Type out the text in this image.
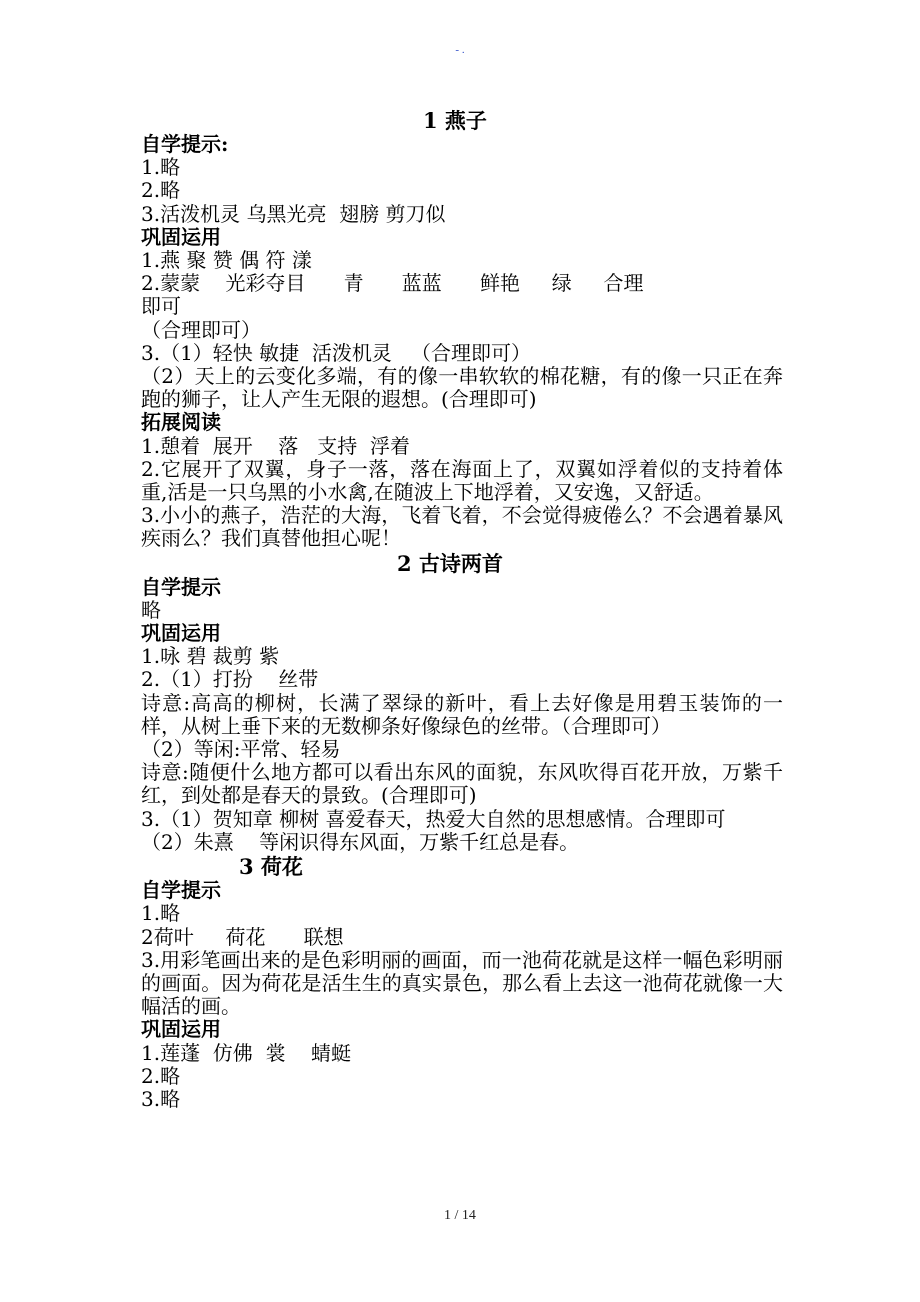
- .
1 燕子
自学提示:
1.略
2.略
3.活泼机灵 乌黑光亮  翅膀 剪刀似
巩固运用
1.燕 聚 赞 偶 符 漾
2.蒙蒙    光彩夺目      青      蓝蓝      鲜艳     绿     合理
即可
（合理即可）
3.（1）轻快 敏捷  活泼机灵   （合理即可）
（2）天上的云变化多端，有的像一串软软的棉花糖，有的像一只正在奔跑的狮子，让人产生无限的遐想。(合理即可)
拓展阅读
1.憩着  展开    落   支持  浮着
2.它展开了双翼，身子一落，落在海面上了，双翼如浮着似的支持着体重,活是一只乌黑的小水禽,在随波上下地浮着，又安逸，又舒适。
3.小小的燕子，浩茫的大海，飞着飞着，不会觉得疲倦么？不会遇着暴风疾雨么？我们真替他担心呢！
2 古诗两首
自学提示
略
巩固运用
1.咏 碧 裁剪 紫
2.（1）打扮    丝带
诗意:高高的柳树，长满了翠绿的新叶，看上去好像是用碧玉装饰的一样，从树上垂下来的无数柳条好像绿色的丝带。（合理即可）
（2）等闲:平常、轻易
诗意:随便什么地方都可以看出东风的面貌，东风吹得百花开放，万紫千红，到处都是春天的景致。(合理即可)
3.（1）贺知章 柳树 喜爱春天，热爱大自然的思想感情。合理即可
（2）朱熹    等闲识得东风面，万紫千红总是春。
3 荷花
自学提示
1.略
2荷叶     荷花      联想
3.用彩笔画出来的是色彩明丽的画面，而一池荷花就是这样一幅色彩明丽的画面。因为荷花是活生生的真实景色，那么看上去这一池荷花就像一大幅活的画。
巩固运用
1.莲蓬  仿佛  裳    蜻蜓
2.略
3.略
1 / 14
